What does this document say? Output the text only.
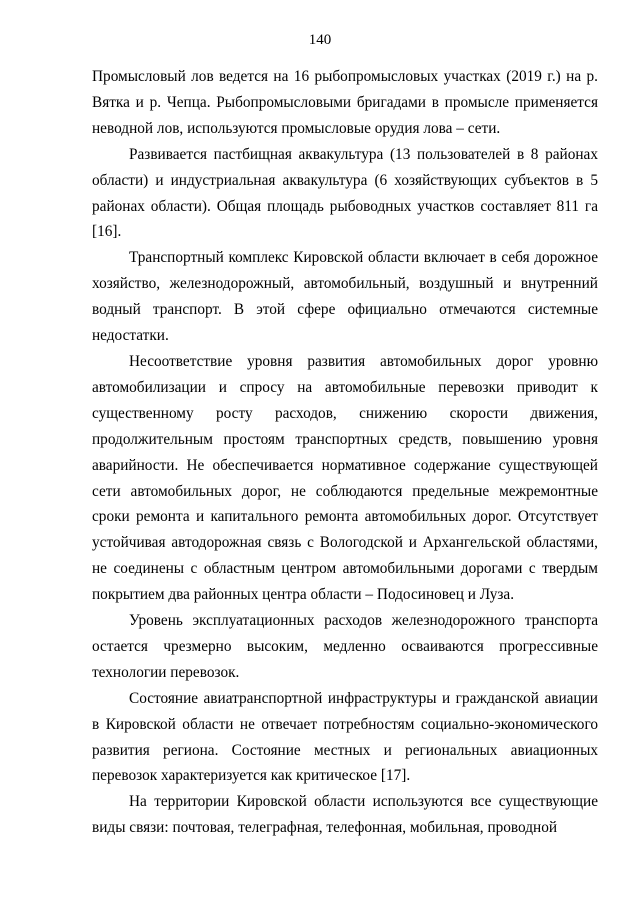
140

Промысловый лов ведется на 16 рыбопромысловых участках (2019 г.) на р. Вятка и р. Чепца. Рыбопромысловыми бригадами в промысле применяется неводной лов, используются промысловые орудия лова – сети.

Развивается пастбищная аквакультура (13 пользователей в 8 районах области) и индустриальная аквакультура (6 хозяйствующих субъектов в 5 районах области). Общая площадь рыбоводных участков составляет 811 га [16].

Транспортный комплекс Кировской области включает в себя дорожное хозяйство, железнодорожный, автомобильный, воздушный и внутренний водный транспорт. В этой сфере официально отмечаются системные недостатки.

Несоответствие уровня развития автомобильных дорог уровню автомобилизации и спросу на автомобильные перевозки приводит к существенному росту расходов, снижению скорости движения, продолжительным простоям транспортных средств, повышению уровня аварийности. Не обеспечивается нормативное содержание существующей сети автомобильных дорог, не соблюдаются предельные межремонтные сроки ремонта и капитального ремонта автомобильных дорог. Отсутствует устойчивая автодорожная связь с Вологодской и Архангельской областями, не соединены с областным центром автомобильными дорогами с твердым покрытием два районных центра области – Подосиновец и Луза.

Уровень эксплуатационных расходов железнодорожного транспорта остается чрезмерно высоким, медленно осваиваются прогрессивные технологии перевозок.

Состояние авиатранспортной инфраструктуры и гражданской авиации в Кировской области не отвечает потребностям социально-экономического развития региона. Состояние местных и региональных авиационных перевозок характеризуется как критическое [17].

На территории Кировской области используются все существующие виды связи: почтовая, телеграфная, телефонная, мобильная, проводной
